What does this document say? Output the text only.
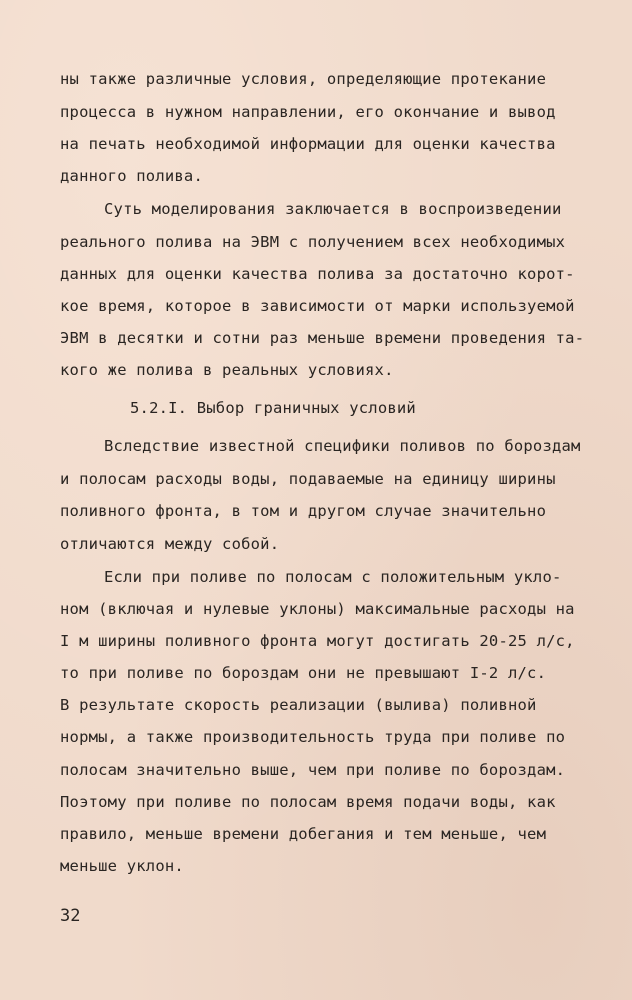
ны также различные условия, определяющие протекание
процесса в нужном направлении, его окончание и вывод
на печать необходимой информации для оценки качества
данного полива.
Суть моделирования заключается в воспроизведении
реального полива на ЭВМ с получением всех необходимых
данных для оценки качества полива за достаточно корот-
кое время, которое в зависимости от марки используемой
ЭВМ в десятки и сотни раз меньше времени проведения та-
кого же полива в реальных условиях.
5.2.I. Выбор граничных условий
Вследствие известной специфики поливов по бороздам
и полосам расходы воды, подаваемые на единицу ширины
поливного фронта, в том и другом случае значительно
отличаются между собой.
Если при поливе по полосам с положительным укло-
ном (включая и нулевые уклоны) максимальные расходы на
I м ширины поливного фронта могут достигать 20-25 л/с,
то при поливе по бороздам они не превышают I-2 л/с.
В результате скорость реализации (вылива) поливной
нормы, а также производительность труда при поливе по
полосам значительно выше, чем при поливе по бороздам.
Поэтому при поливе по полосам время подачи воды, как
правило, меньше времени добегания и тем меньше, чем
меньше уклон.
32
